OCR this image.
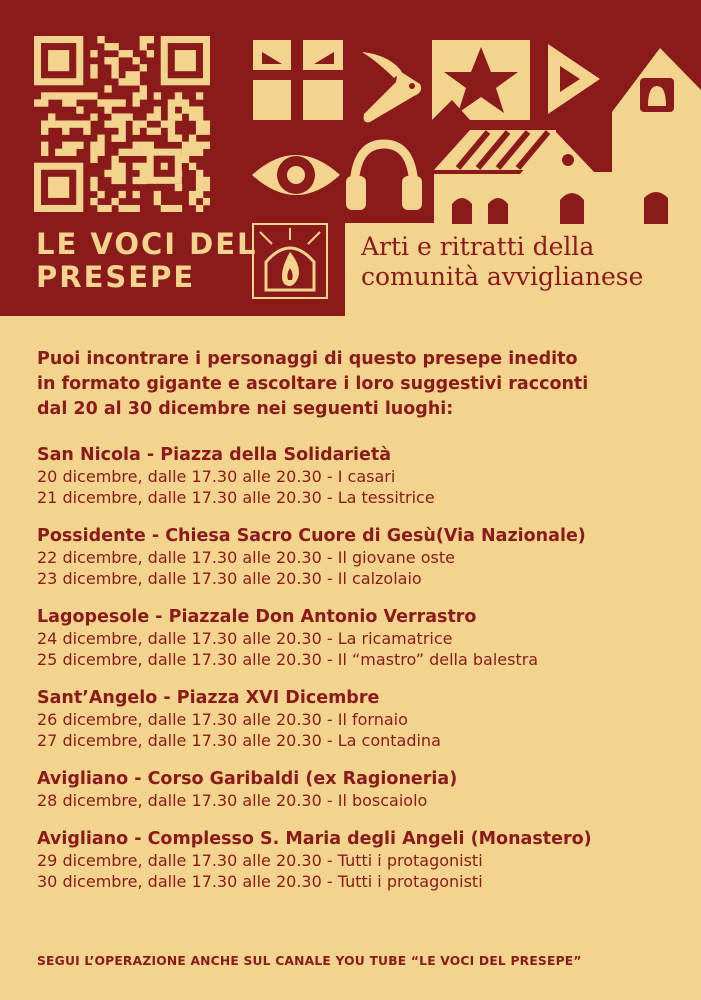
LE VOCI DEL
PRESEPE
Arti e ritratti della
comunità avviglianese
Puoi incontrare i personaggi di questo presepe inedito
in formato gigante e ascoltare i loro suggestivi racconti
dal 20 al 30 dicembre nei seguenti luoghi:
San Nicola - Piazza della Solidarietà
20 dicembre, dalle 17.30 alle 20.30 - I casari
21 dicembre, dalle 17.30 alle 20.30 - La tessitrice
Possidente - Chiesa Sacro Cuore di Gesù(Via Nazionale)
22 dicembre, dalle 17.30 alle 20.30 - Il giovane oste
23 dicembre, dalle 17.30 alle 20.30 - Il calzolaio
Lagopesole - Piazzale Don Antonio Verrastro
24 dicembre, dalle 17.30 alle 20.30 - La ricamatrice
25 dicembre, dalle 17.30 alle 20.30 - Il “mastro” della balestra
Sant’Angelo - Piazza XVI Dicembre
26 dicembre, dalle 17.30 alle 20.30 - Il fornaio
27 dicembre, dalle 17.30 alle 20.30 - La contadina
Avigliano - Corso Garibaldi (ex Ragioneria)
28 dicembre, dalle 17.30 alle 20.30 - Il boscaiolo
Avigliano - Complesso S. Maria degli Angeli (Monastero)
29 dicembre, dalle 17.30 alle 20.30 - Tutti i protagonisti
30 dicembre, dalle 17.30 alle 20.30 - Tutti i protagonisti
SEGUI L’OPERAZIONE ANCHE SUL CANALE YOU TUBE “LE VOCI DEL PRESEPE”
